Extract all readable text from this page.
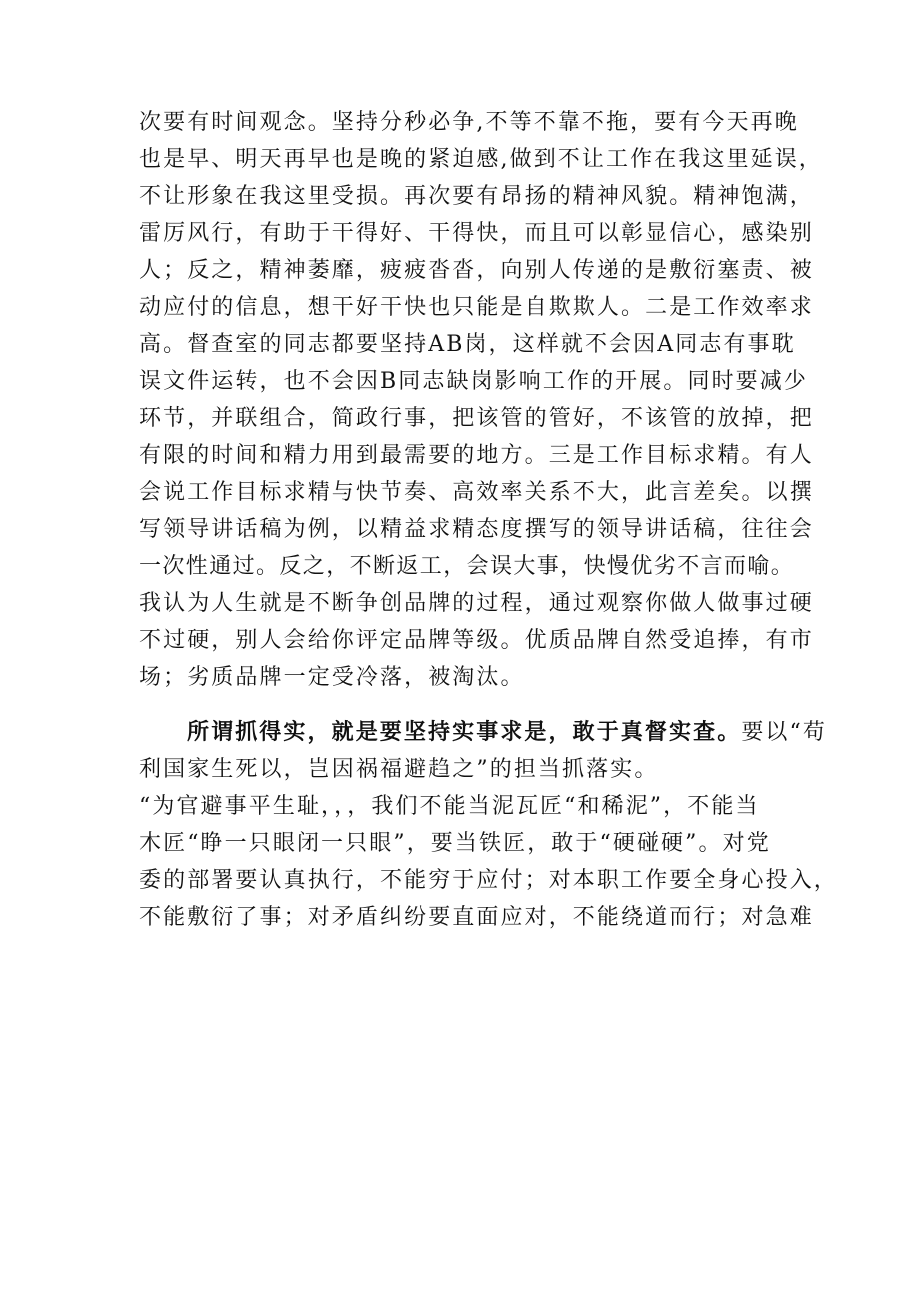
次要有时间观念。坚持分秒必争,不等不靠不拖，要有今天再晚
也是早、明天再早也是晚的紧迫感,做到不让工作在我这里延误，
不让形象在我这里受损。再次要有昂扬的精神风貌。精神饱满，
雷厉风行，有助于干得好、干得快，而且可以彰显信心，感染别
人；反之，精神萎靡，疲疲沓沓，向别人传递的是敷衍塞责、被
动应付的信息，想干好干快也只能是自欺欺人。二是工作效率求
高。督查室的同志都要坚持AB岗，这样就不会因A同志有事耽
误文件运转，也不会因B同志缺岗影响工作的开展。同时要减少
环节，并联组合，简政行事，把该管的管好，不该管的放掉，把
有限的时间和精力用到最需要的地方。三是工作目标求精。有人
会说工作目标求精与快节奏、高效率关系不大，此言差矣。以撰
写领导讲话稿为例，以精益求精态度撰写的领导讲话稿，往往会
一次性通过。反之，不断返工，会误大事，快慢优劣不言而喻。
我认为人生就是不断争创品牌的过程，通过观察你做人做事过硬
不过硬，别人会给你评定品牌等级。优质品牌自然受追捧，有市
场；劣质品牌一定受冷落，被淘汰。
所谓抓得实，就是要坚持实事求是，敢于真督实查。要以“苟
利国家生死以，岂因祸福避趋之”的担当抓落实。
“为官避事平生耻，，，我们不能当泥瓦匠“和稀泥”，不能当
木匠“睁一只眼闭一只眼”，要当铁匠，敢于“硬碰硬”。对党
委的部署要认真执行，不能穷于应付；对本职工作要全身心投入，
不能敷衍了事；对矛盾纠纷要直面应对，不能绕道而行；对急难
